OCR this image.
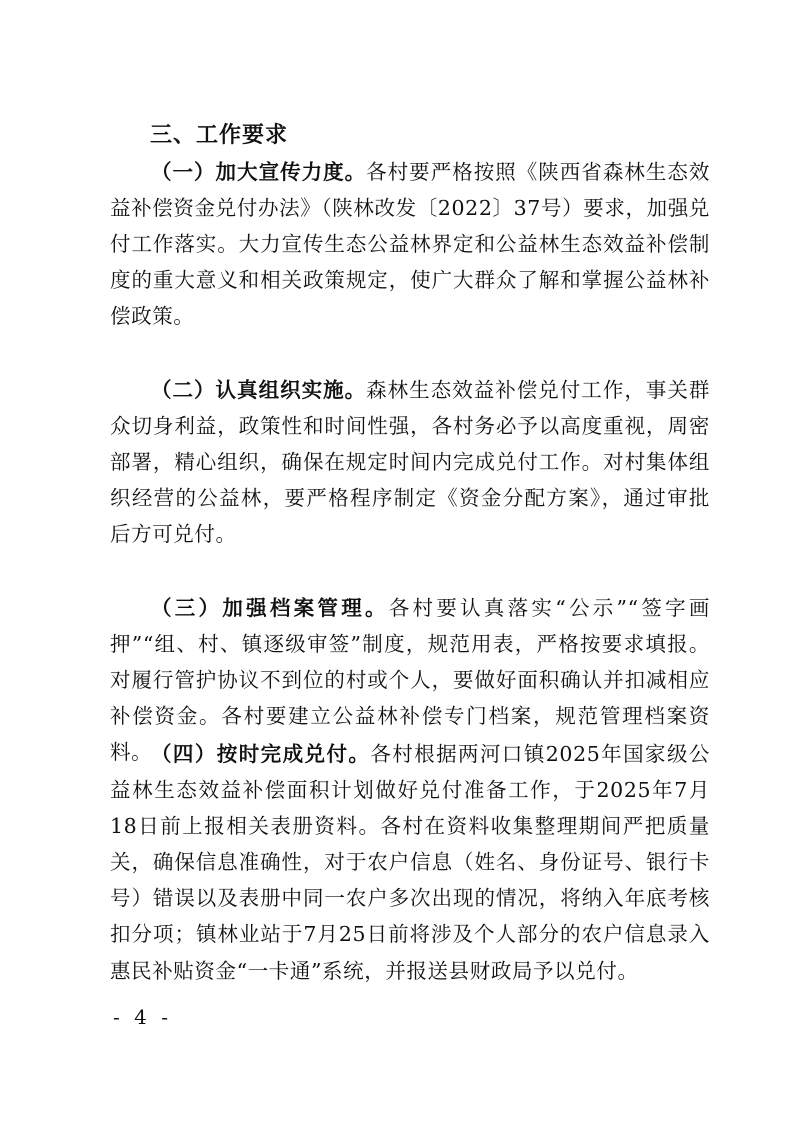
三、工作要求

（一）加大宣传力度。各村要严格按照《陕西省森林生态效益补偿资金兑付办法》（陕林改发〔2022〕37号）要求，加强兑付工作落实。大力宣传生态公益林界定和公益林生态效益补偿制度的重大意义和相关政策规定，使广大群众了解和掌握公益林补偿政策。

（二）认真组织实施。森林生态效益补偿兑付工作，事关群众切身利益，政策性和时间性强，各村务必予以高度重视，周密部署，精心组织，确保在规定时间内完成兑付工作。对村集体组织经营的公益林，要严格程序制定《资金分配方案》，通过审批后方可兑付。

（三）加强档案管理。各村要认真落实“公示”“签字画押”“组、村、镇逐级审签”制度，规范用表，严格按要求填报。对履行管护协议不到位的村或个人，要做好面积确认并扣减相应补偿资金。各村要建立公益林补偿专门档案，规范管理档案资料。

（四）按时完成兑付。各村根据两河口镇2025年国家级公益林生态效益补偿面积计划做好兑付准备工作，于2025年7月18日前上报相关表册资料。各村在资料收集整理期间严把质量关，确保信息准确性，对于农户信息（姓名、身份证号、银行卡号）错误以及表册中同一农户多次出现的情况，将纳入年底考核扣分项；镇林业站于7月25日前将涉及个人部分的农户信息录入惠民补贴资金“一卡通”系统，并报送县财政局予以兑付。

- 4 -
